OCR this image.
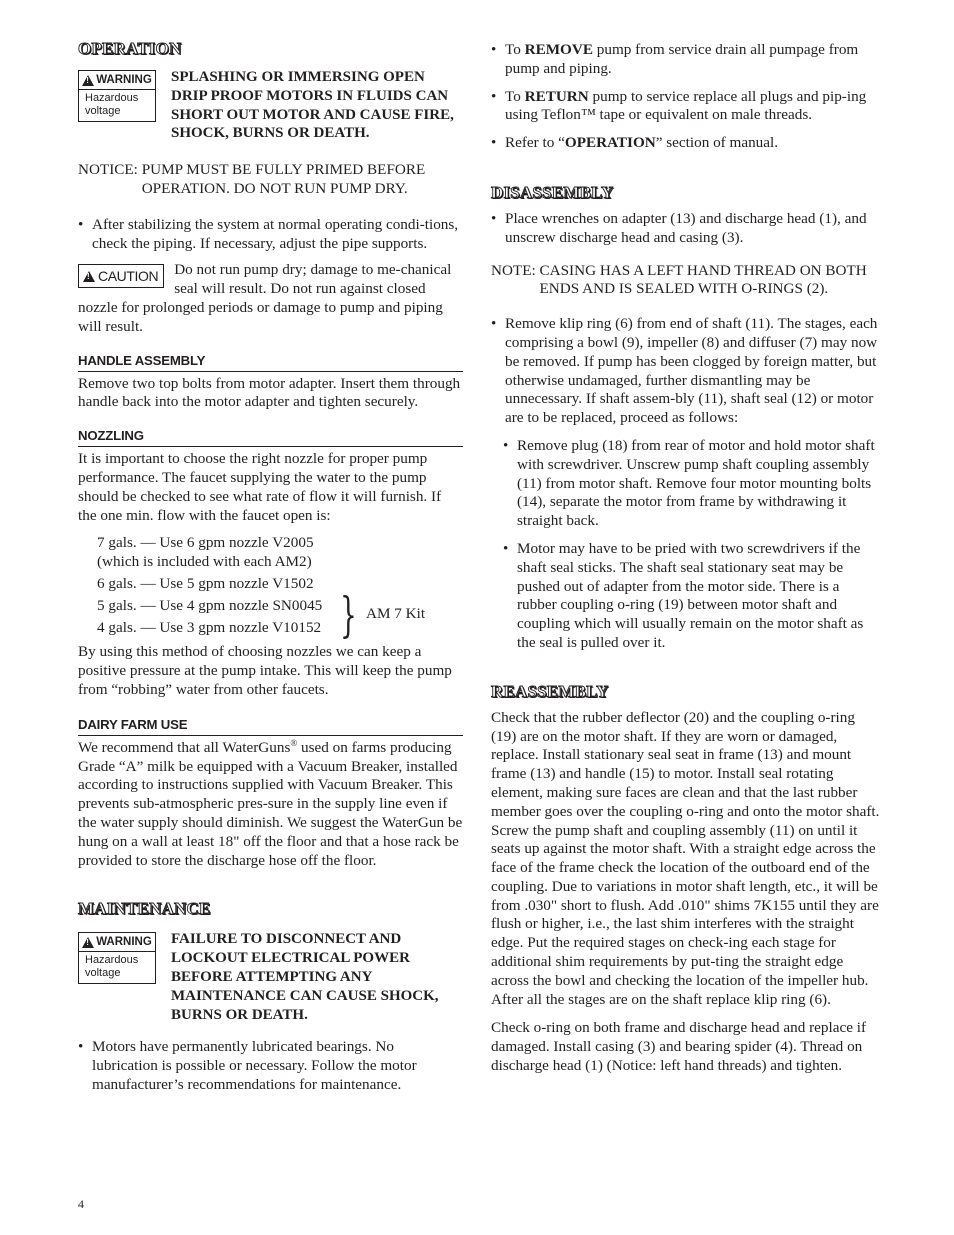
OPERATION
!
WARNING
Hazardous
voltage

SPLASHING OR IMMERSING OPEN DRIP PROOF MOTORS IN FLUIDS CAN SHORT OUT MOTOR AND CAUSE FIRE, SHOCK, BURNS OR DEATH.

NOTICE: PUMP MUST BE FULLY PRIMED BEFORE OPERATION. DO NOT RUN PUMP DRY.
• After stabilizing the system at normal operating condi-tions, check the piping. If necessary, adjust the pipe supports.
!
CAUTION	Do not run pump dry; damage to me-chanical seal will result. Do not run against closed nozzle for prolonged periods or damage to pump and piping will result.

HANDLE ASSEMBLY

Remove two top bolts from motor adapter. Insert them through handle back into the motor adapter and tighten securely.

NOZZLING

It is important to choose the right nozzle for proper pump performance. The faucet supplying the water to the pump should be checked to see what rate of flow it will furnish. If the one min. flow with the faucet open is:

7 gals. — Use 6 gpm nozzle V2005

(which is included with each AM2)

6 gals. — Use 5 gpm nozzle V1502

5 gals. — Use 4 gpm nozzle SN0045

4 gals. — Use 3 gpm nozzle V10152 } AM 7 Kit

By using this method of choosing nozzles we can keep a positive pressure at the pump intake. This will keep the pump from “robbing” water from other faucets.

DAIRY FARM USE

We recommend that all WaterGuns® used on farms producing Grade “A” milk be equipped with a Vacuum Breaker, installed according to instructions supplied with Vacuum Breaker. This prevents sub-atmospheric pres-sure in the supply line even if the water supply should diminish. We suggest the WaterGun be hung on a wall at least 18" off the floor and that a hose rack be provided to store the discharge hose off the floor.

MAINTENANCE
!
WARNING
Hazardous
voltage

FAILURE TO DISCONNECT AND LOCKOUT ELECTRICAL POWER BEFORE ATTEMPTING ANY MAINTENANCE CAN CAUSE SHOCK, BURNS OR DEATH.

• Motors have permanently lubricated bearings. No lubrication is possible or necessary. Follow the motor manufacturer’s recommendations for maintenance.
4
• To REMOVE pump from service drain all pumpage from pump and piping.
• To RETURN pump to service replace all plugs and pip-ing using Teflon™ tape or equivalent on male threads.
• Refer to “OPERATION” section of manual.
DISASSEMBLY
• Place wrenches on adapter (13) and discharge head (1), and unscrew discharge head and casing (3).
NOTE: CASING HAS A LEFT HAND THREAD ON BOTH ENDS AND IS SEALED WITH O-RINGS (2).
• Remove klip ring (6) from end of shaft (11). The stages, each comprising a bowl (9), impeller (8) and diffuser (7) may now be removed. If pump has been clogged by foreign matter, but otherwise undamaged, further dismantling may be unnecessary. If shaft assem-bly (11), shaft seal (12) or motor are to be replaced, proceed as follows:
• Remove plug (18) from rear of motor and hold motor shaft with screwdriver. Unscrew pump shaft coupling assembly (11) from motor shaft. Remove four motor mounting bolts (14), separate the motor from frame by withdrawing it straight back.
• Motor may have to be pried with two screwdrivers if the shaft seal sticks. The shaft seal stationary seat may be pushed out of adapter from the motor side. There is a rubber coupling o-ring (19) between motor shaft and coupling which will usually remain on the motor shaft as the seal is pulled over it.
REASSEMBLY

Check that the rubber deflector (20) and the coupling o-ring (19) are on the motor shaft. If they are worn or damaged, replace. Install stationary seal seat in frame (13) and mount frame (13) and handle (15) to motor. Install seal rotating element, making sure faces are clean and that the last rubber member goes over the coupling o-ring and onto the motor shaft. Screw the pump shaft and coupling assembly (11) on until it seats up against the motor shaft. With a straight edge across the face of the frame check the location of the outboard end of the coupling. Due to variations in motor shaft length, etc., it will be from .030" short to flush. Add .010" shims 7K155 until they are flush or higher, i.e., the last shim interferes with the straight edge. Put the required stages on check-ing each stage for additional shim requirements by put-ting the straight edge across the bowl and checking the location of the impeller hub. After all the stages are on the shaft replace klip ring (6).

Check o-ring on both frame and discharge head and replace if damaged. Install casing (3) and bearing spider (4). Thread on discharge head (1) (Notice: left hand threads) and tighten.
